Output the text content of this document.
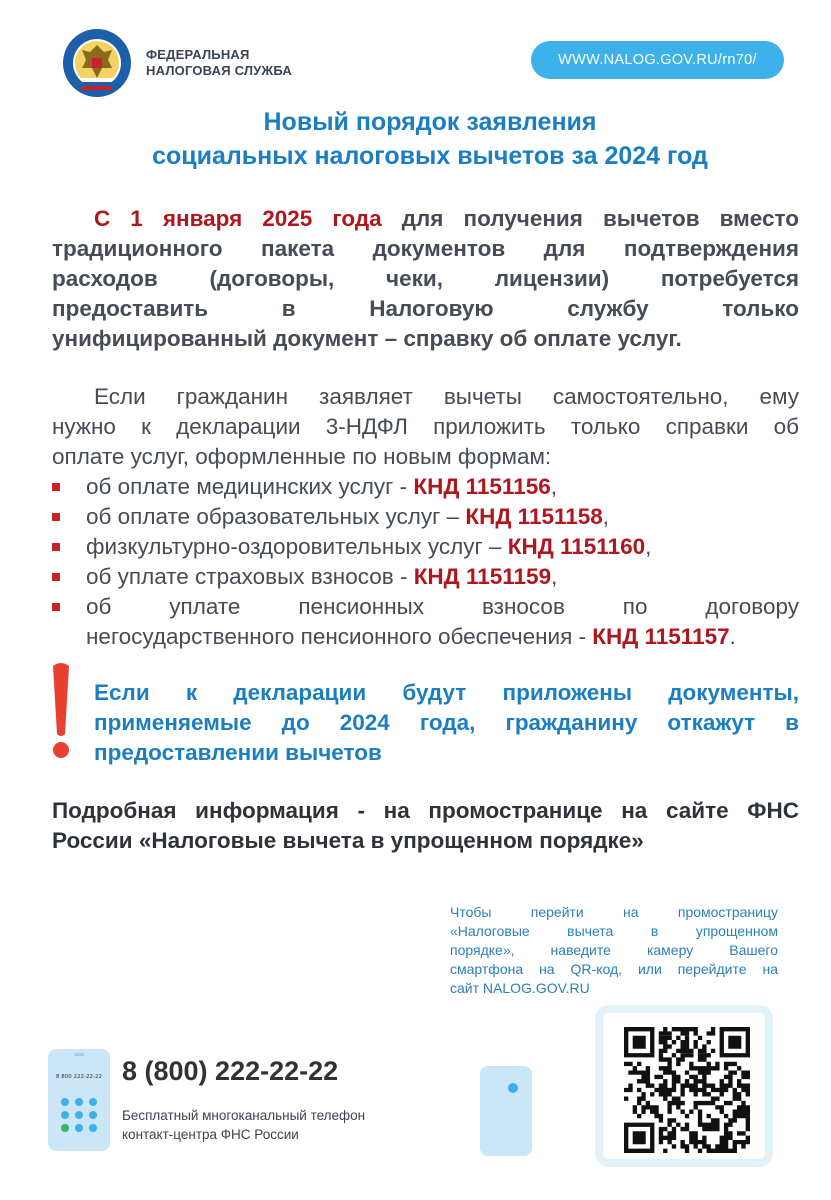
ФЕДЕРАЛЬНАЯ
НАЛОГОВАЯ СЛУЖБА
WWW.NALOG.GOV.RU/rn70/
Новый порядок заявления
социальных налоговых вычетов за 2024 год
С 1 января 2025 года для получения вычетов вместо
традиционного пакета документов для подтверждения
расходов (договоры, чеки, лицензии) потребуется
предоставить в Налоговую службу только
унифицированный документ – справку об оплате услуг.
Если гражданин заявляет вычеты самостоятельно, ему
нужно к декларации 3-НДФЛ приложить только справки об
оплате услуг, оформленные по новым формам:
об оплате медицинских услуг - КНД 1151156,
об оплате образовательных услуг – КНД 1151158,
физкультурно-оздоровительных услуг – КНД 1151160,
об уплате страховых взносов - КНД 1151159,
об уплате пенсионных взносов по договору
негосударственного пенсионного обеспечения - КНД 1151157.
Если к декларации будут приложены документы,
применяемые до 2024 года, гражданину откажут в
предоставлении вычетов
Подробная информация - на промостранице на сайте ФНС
России «Налоговые вычета в упрощенном порядке»
Чтобы перейти на промостраницу
«Налоговые вычета в упрощенном
порядке», наведите камеру Вашего
смартфона на QR-код, или перейдите на
сайт NALOG.GOV.RU
8 800 222-22-22 8 (800) 222-22-22
Бесплатный многоканальный телефон
контакт-центра ФНС России
